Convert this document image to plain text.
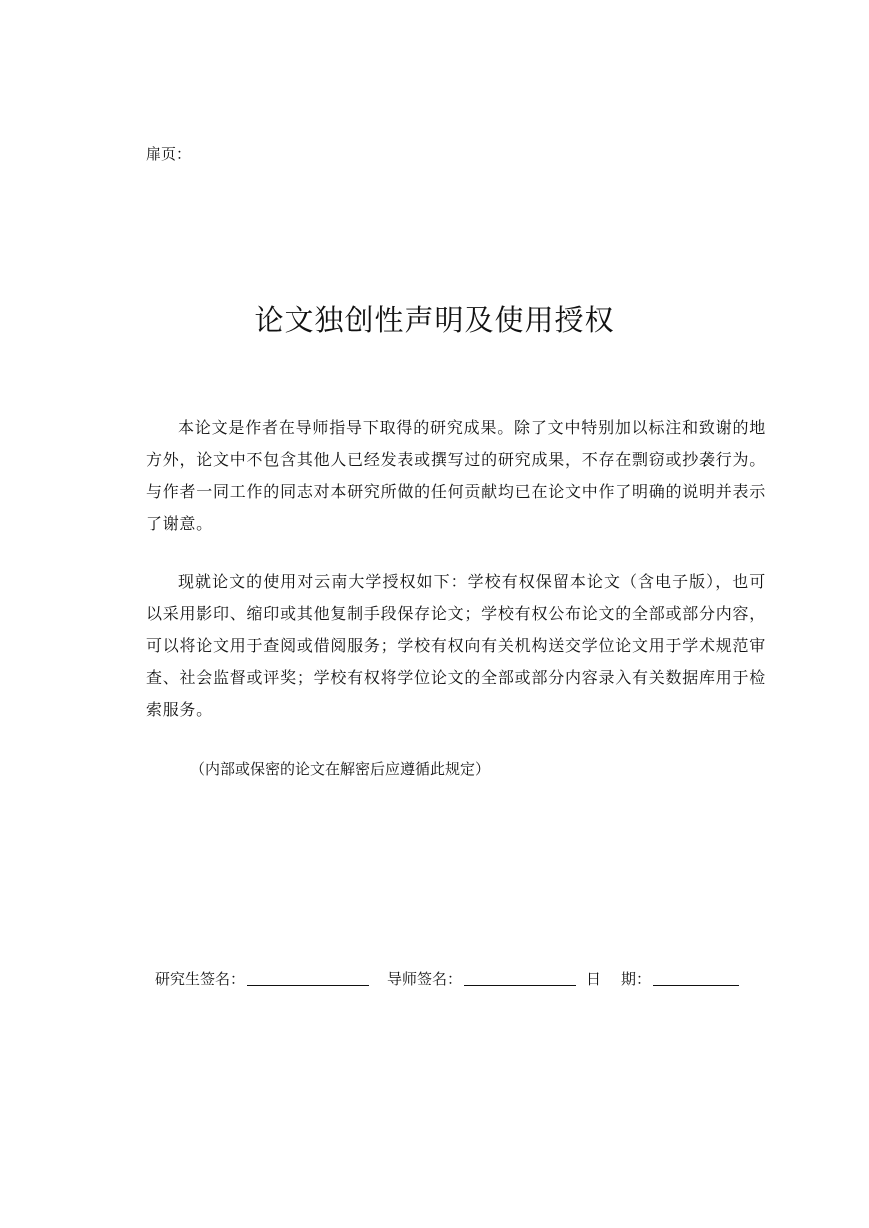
扉页：
论文独创性声明及使用授权

本论文是作者在导师指导下取得的研究成果。除了文中特别加以标注和致谢的地方外，论文中不包含其他人已经发表或撰写过的研究成果，不存在剽窃或抄袭行为。与作者一同工作的同志对本研究所做的任何贡献均已在论文中作了明确的说明并表示了谢意。

现就论文的使用对云南大学授权如下：学校有权保留本论文（含电子版），也可以采用影印、缩印或其他复制手段保存论文；学校有权公布论文的全部或部分内容，可以将论文用于查阅或借阅服务；学校有权向有关机构送交学位论文用于学术规范审查、社会监督或评奖；学校有权将学位论文的全部或部分内容录入有关数据库用于检索服务。

（内部或保密的论文在解密后应遵循此规定）
研究生签名：	导师签名：	日 期：
